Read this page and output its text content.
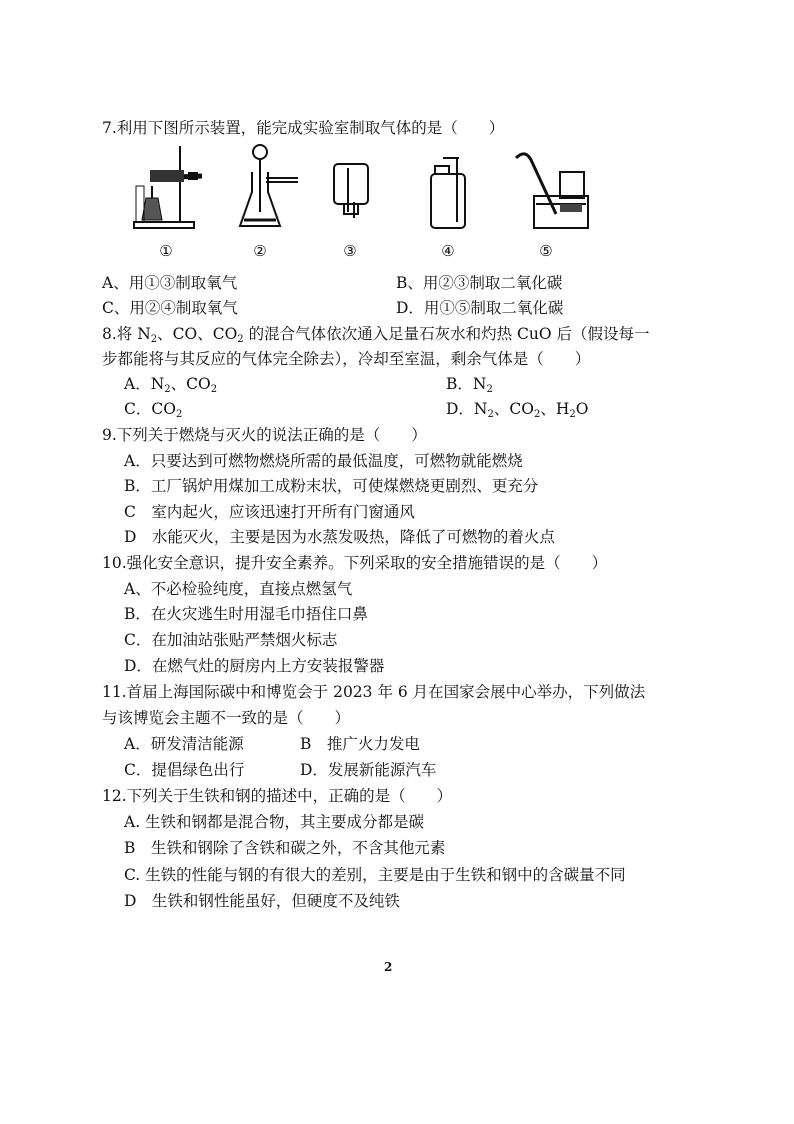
7.利用下图所示装置，能完成实验室制取气体的是（　　）
①	②	③	④	⑤
A、用①③制取氧气	B、用②③制取二氧化碳
C、用②④制取氧气	D．用①⑤制取二氧化碳
8.将 $N_2$、CO、$CO_2$ 的混合气体依次通入足量石灰水和灼热 CuO 后（假设每一
步都能将与其反应的气体完全除去），冷却至室温，剩余气体是（　　）
A．$N_2$、$CO_2$	B．$N_2$
C．$CO_2$	D．$N_2$、$CO_2$、$H_2O$
9.下列关于燃烧与灭火的说法正确的是（　　）
A．只要达到可燃物燃烧所需的最低温度，可燃物就能燃烧
B．工厂锅炉用煤加工成粉末状，可使煤燃烧更剧烈、更充分
C　室内起火，应该迅速打开所有门窗通风
D　水能灭火，主要是因为水蒸发吸热，降低了可燃物的着火点
10.强化安全意识，提升安全素养。下列采取的安全措施错误的是（　　）
A、不必检验纯度，直接点燃氢气
B．在火灾逃生时用湿毛巾捂住口鼻
C．在加油站张贴严禁烟火标志
D．在燃气灶的厨房内上方安装报警器
11.首届上海国际碳中和博览会于 2023 年 6 月在国家会展中心举办，下列做法
与该博览会主题不一致的是（　　）
A．研发清洁能源	B　推广火力发电
C．提倡绿色出行	D．发展新能源汽车
12.下列关于生铁和钢的描述中，正确的是（　　）
A. 生铁和钢都是混合物，其主要成分都是碳
B　生铁和钢除了含铁和碳之外，不含其他元素
C. 生铁的性能与钢的有很大的差别，主要是由于生铁和钢中的含碳量不同
D　生铁和钢性能虽好，但硬度不及纯铁
2
